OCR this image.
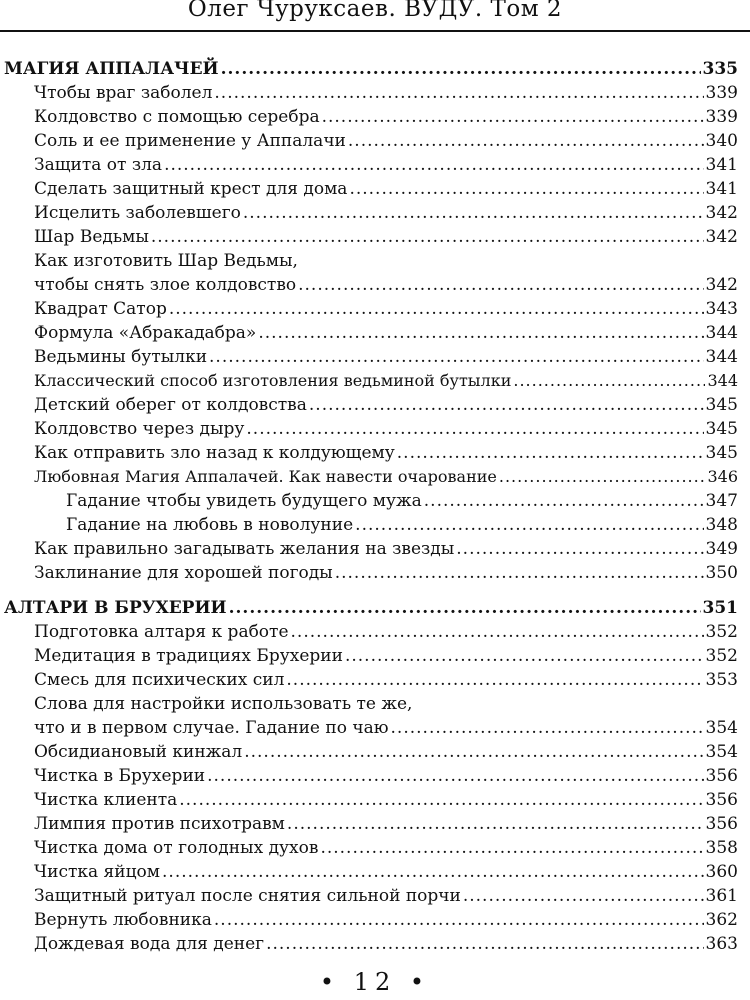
Олег Чуруксаев. ВУДУ. Том 2
МАГИЯ АППАЛАЧЕЙ .....	335
Чтобы враг заболел .....	339
Колдовство с помощью серебра .....	339
Соль и ее применение у Аппалачи .....	340
Защита от зла .....	341
Сделать защитный крест для дома .....	341
Исцелить заболевшего .....	342
Шар Ведьмы .....	342
Как изготовить Шар Ведьмы,
чтобы снять злое колдовство .....	342
Квадрат Сатор .....	343
Формула «Абракадабра» .....	344
Ведьмины бутылки .....	344
Классический способ изготовления ведьминой бутылки .....	344
Детский оберег от колдовства .....	345
Колдовство через дыру .....	345
Как отправить зло назад к колдующему .....	345
Любовная Магия Аппалачей. Как навести очарование .....	346
Гадание чтобы увидеть будущего мужа .....	347
Гадание на любовь в новолуние .....	348
Как правильно загадывать желания на звезды .....	349
Заклинание для хорошей погоды .....	350
АЛТАРИ В БРУХЕРИИ .....	351
Подготовка алтаря к работе .....	352
Медитация в традициях Брухерии .....	352
Смесь для психических сил .....	353
Слова для настройки использовать те же,
что и в первом случае. Гадание по чаю .....	354
Обсидиановый кинжал .....	354
Чистка в Брухерии .....	356
Чистка клиента .....	356
Лимпия против психотравм .....	356
Чистка дома от голодных духов .....	358
Чистка яйцом .....	360
Защитный ритуал после снятия сильной порчи .....	361
Вернуть любовника .....	362
Дождевая вода для денег .....	363
• 12 •
